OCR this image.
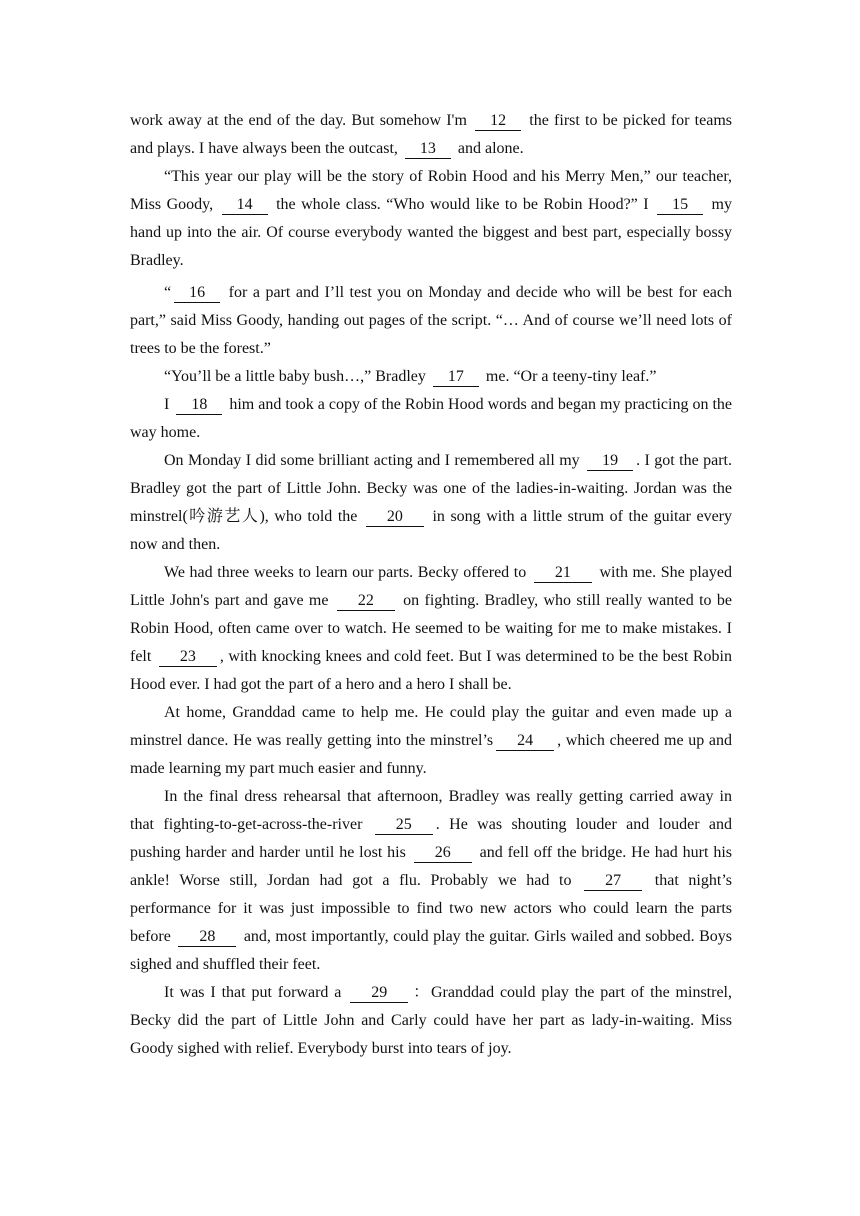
work away at the end of the day. But somehow I'm 12 the first to be picked for teams and plays. I have always been the outcast, 13 and alone.

“This year our play will be the story of Robin Hood and his Merry Men,” our teacher, Miss Goody, 14 the whole class. “Who would like to be Robin Hood?” I 15 my hand up into the air. Of course everybody wanted the biggest and best part, especially bossy Bradley.

“ 16 for a part and I’ll test you on Monday and decide who will be best for each part,” said Miss Goody, handing out pages of the script. “… And of course we’ll need lots of trees to be the forest.”

“You’ll be a little baby bush…,” Bradley 17 me. “Or a teeny-tiny leaf.”

I 18 him and took a copy of the Robin Hood words and began my practicing on the way home.

On Monday I did some brilliant acting and I remembered all my 19 . I got the part. Bradley got the part of Little John. Becky was one of the ladies-in-waiting. Jordan was the minstrel(吟游艺人), who told the 20 in song with a little strum of the guitar every now and then.

We had three weeks to learn our parts. Becky offered to 21 with me. She played Little John's part and gave me 22 on fighting. Bradley, who still really wanted to be Robin Hood, often came over to watch. He seemed to be waiting for me to make mistakes. I felt 23 , with knocking knees and cold feet. But I was determined to be the best Robin Hood ever. I had got the part of a hero and a hero I shall be.

At home, Granddad came to help me. He could play the guitar and even made up a minstrel dance. He was really getting into the minstrel’s 24 , which cheered me up and made learning my part much easier and funny.

In the final dress rehearsal that afternoon, Bradley was really getting carried away in that fighting-to-get-across-the-river 25 . He was shouting louder and louder and pushing harder and harder until he lost his 26 and fell off the bridge. He had hurt his ankle! Worse still, Jordan had got a flu. Probably we had to 27 that night’s performance for it was just impossible to find two new actors who could learn the parts before 28 and, most importantly, could play the guitar. Girls wailed and sobbed. Boys sighed and shuffled their feet.

It was I that put forward a 29 ：Granddad could play the part of the minstrel, Becky did the part of Little John and Carly could have her part as lady-in-waiting. Miss Goody sighed with relief. Everybody burst into tears of joy.
